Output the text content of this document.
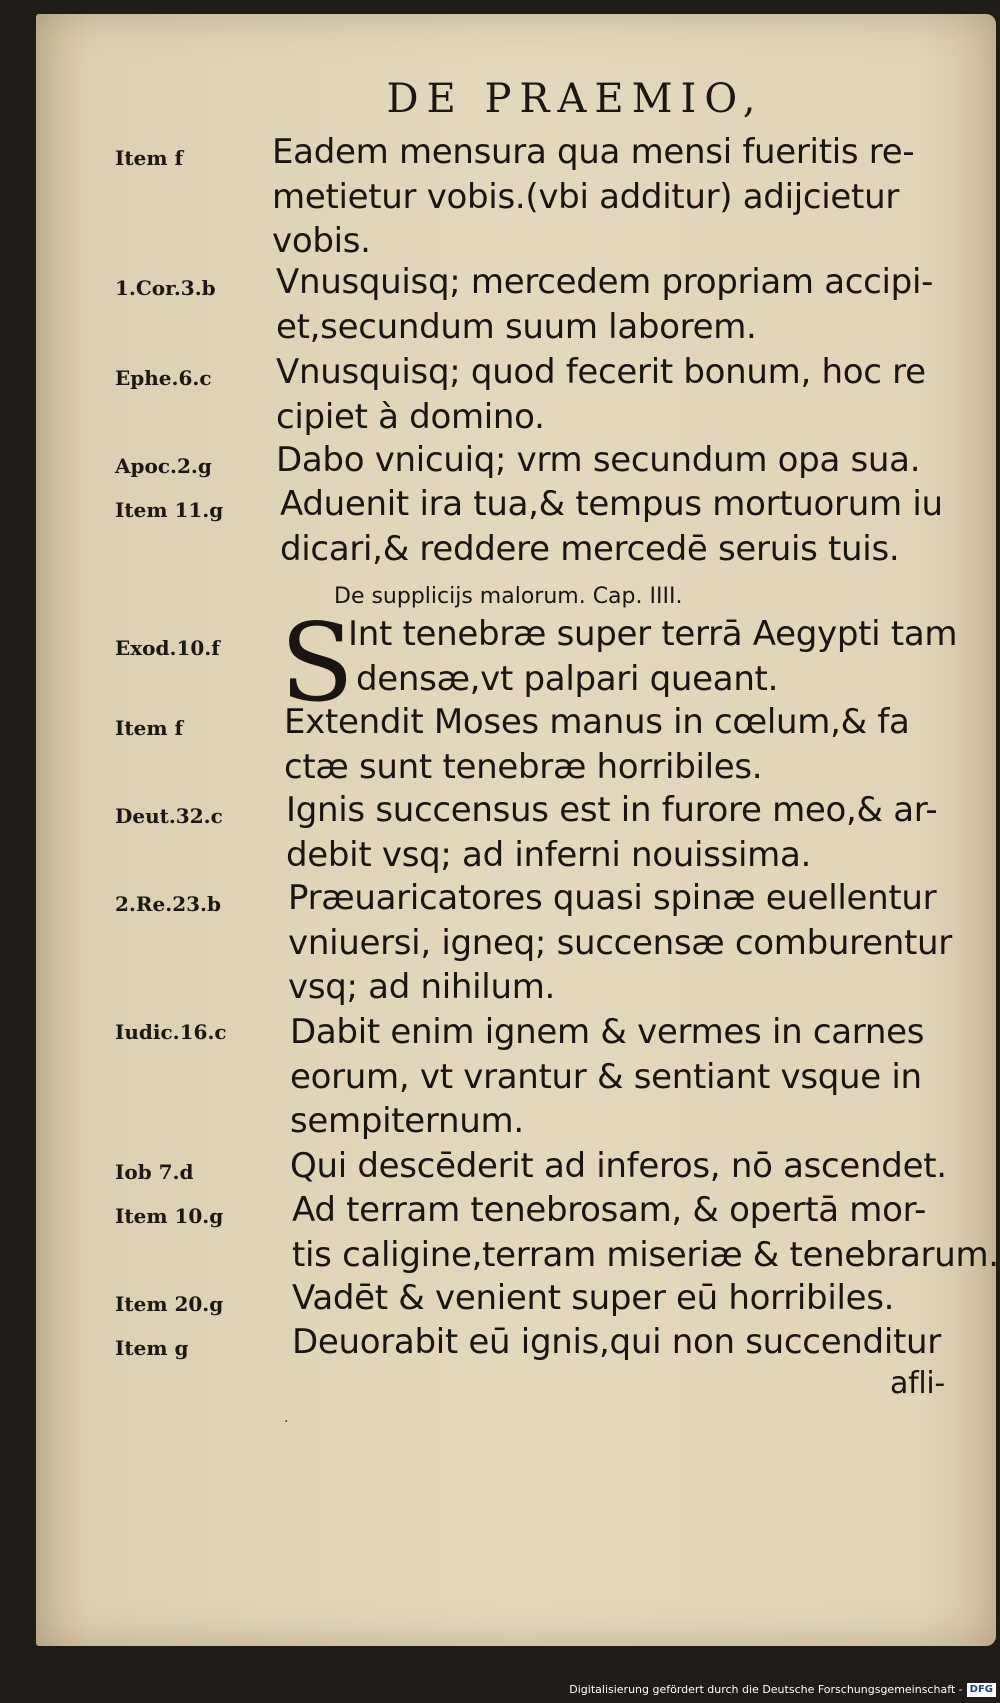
DE PRAEMIO,
De supplicijs malorum. Cap. IIII.
S
·
Item f	Eadem mensura qua mensi fueritis re-
metietur vobis.(vbi additur) adijcietur
vobis.
1.Cor.3.b	Vnusquisq; mercedem propriam accipi-
et,secundum suum laborem.
Ephe.6.c	Vnusquisq; quod fecerit bonum, hoc re
cipiet à domino.
Apoc.2.g	Dabo vnicuiq; vrm secundum opa sua.
Item 11.g	Aduenit ira tua,& tempus mortuorum iu
dicari,& reddere mercedē seruis tuis.
Exod.10.f	Int tenebræ super terrā Aegypti tam
densæ,vt palpari queant.
Item f	Extendit Moses manus in cœlum,& fa
ctæ sunt tenebræ horribiles.
Deut.32.c	Ignis succensus est in furore meo,& ar-
debit vsq; ad inferni nouissima.
2.Re.23.b	Præuaricatores quasi spinæ euellentur
vniuersi, igneq; succensæ comburentur
vsq; ad nihilum.
Iudic.16.c	Dabit enim ignem & vermes in carnes
eorum, vt vrantur & sentiant vsque in
sempiternum.
Iob 7.d	Qui descēderit ad inferos, nō ascendet.
Item 10.g	Ad terram tenebrosam, & opertā mor-
tis caligine,terram miseriæ & tenebrarum.
Item 20.g	Vadēt & venient super eū horribiles.
Item g	Deuorabit eū ignis,qui non succenditur
afli-
Digitalisierung gefördert durch die Deutsche Forschungsgemeinschaft - DFG
